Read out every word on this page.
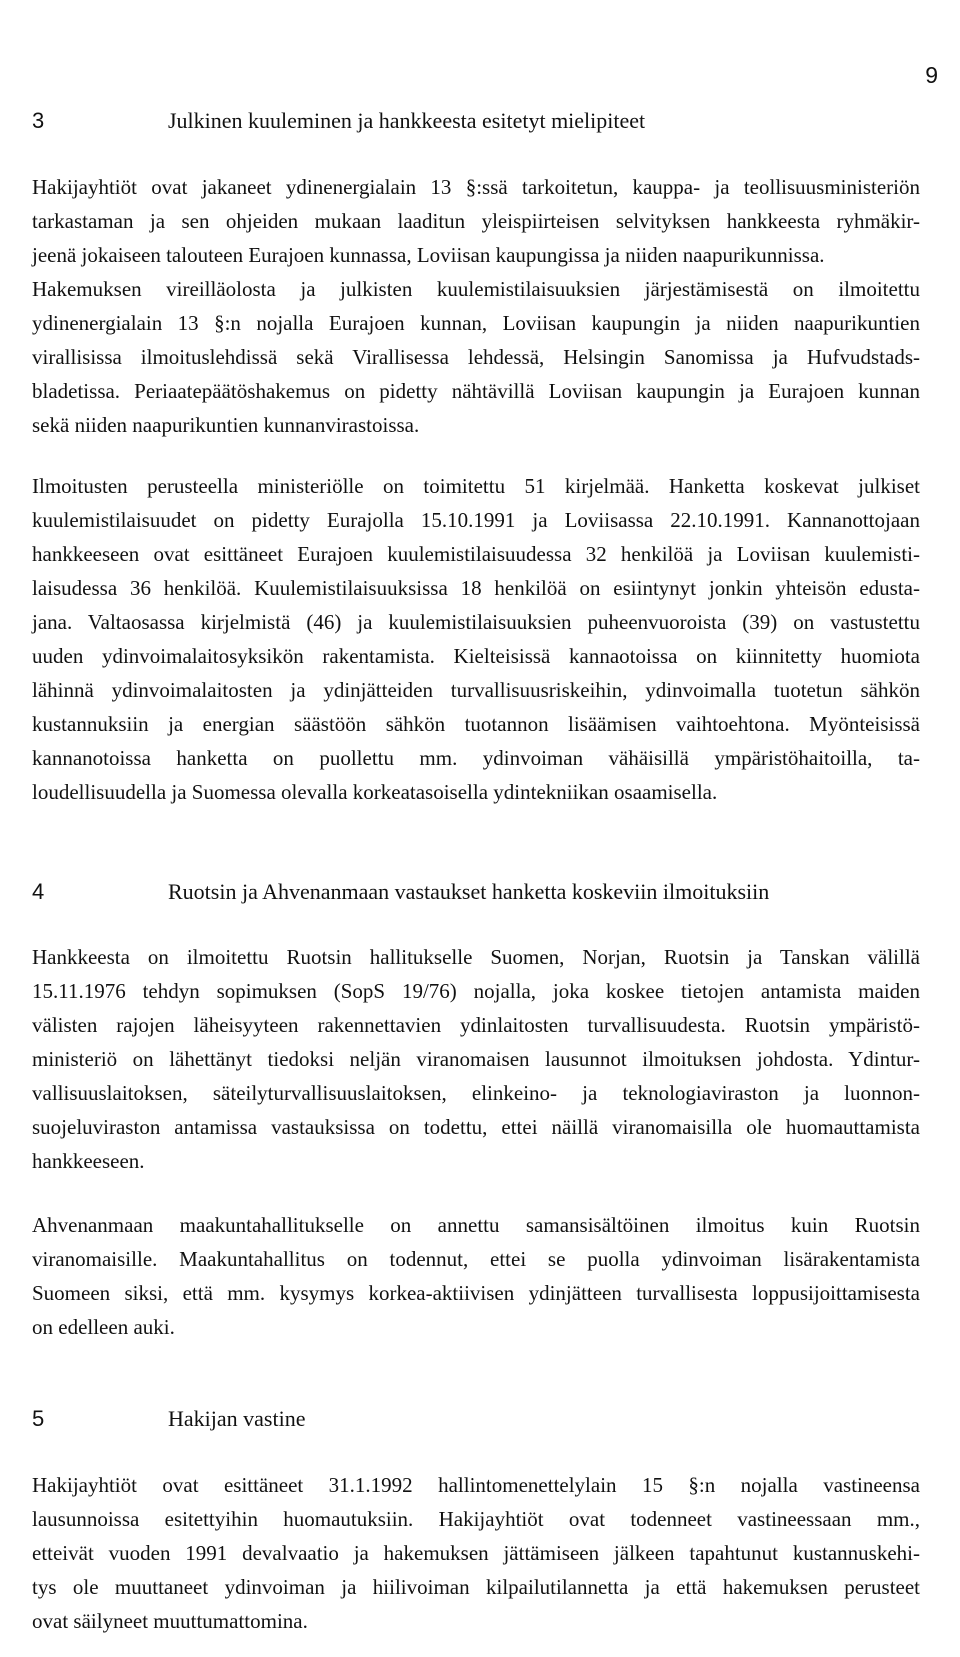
9
3	Julkinen kuuleminen ja hankkeesta esitetyt mielipiteet
Hakijayhtiöt ovat jakaneet ydinenergialain 13 §:ssä tarkoitetun, kauppa- ja teollisuusministeriön
tarkastaman ja sen ohjeiden mukaan laaditun yleispiirteisen selvityksen hankkeesta ryhmäkir-
jeenä jokaiseen talouteen Eurajoen kunnassa, Loviisan kaupungissa ja niiden naapurikunnissa.
Hakemuksen vireilläolosta ja julkisten kuulemistilaisuuksien järjestämisestä on ilmoitettu
ydinenergialain 13 §:n nojalla Eurajoen kunnan, Loviisan kaupungin ja niiden naapurikuntien
virallisissa ilmoituslehdissä sekä Virallisessa lehdessä, Helsingin Sanomissa ja Hufvudstads-
bladetissa. Periaatepäätöshakemus on pidetty nähtävillä Loviisan kaupungin ja Eurajoen kunnan
sekä niiden naapurikuntien kunnanvirastoissa.
Ilmoitusten perusteella ministeriölle on toimitettu 51 kirjelmää. Hanketta koskevat julkiset
kuulemistilaisuudet on pidetty Eurajolla 15.10.1991 ja Loviisassa 22.10.1991. Kannanottojaan
hankkeeseen ovat esittäneet Eurajoen kuulemistilaisuudessa 32 henkilöä ja Loviisan kuulemisti-
laisudessa 36 henkilöä. Kuulemistilaisuuksissa 18 henkilöä on esiintynyt jonkin yhteisön edusta-
jana. Valtaosassa kirjelmistä (46) ja kuulemistilaisuuksien puheenvuoroista (39) on vastustettu
uuden ydinvoimalaitosyksikön rakentamista. Kielteisissä kannaotoissa on kiinnitetty huomiota
lähinnä ydinvoimalaitosten ja ydinjätteiden turvallisuusriskeihin, ydinvoimalla tuotetun sähkön
kustannuksiin ja energian säästöön sähkön tuotannon lisäämisen vaihtoehtona. Myönteisissä
kannanotoissa hanketta on puollettu mm. ydinvoiman vähäisillä ympäristöhaitoilla, ta-
loudellisuudella ja Suomessa olevalla korkeatasoisella ydintekniikan osaamisella.
4	Ruotsin ja Ahvenanmaan vastaukset hanketta koskeviin ilmoituksiin
Hankkeesta on ilmoitettu Ruotsin hallitukselle Suomen, Norjan, Ruotsin ja Tanskan välillä
15.11.1976 tehdyn sopimuksen (SopS 19/76) nojalla, joka koskee tietojen antamista maiden
välisten rajojen läheisyyteen rakennettavien ydinlaitosten turvallisuudesta. Ruotsin ympäristö-
ministeriö on lähettänyt tiedoksi neljän viranomaisen lausunnot ilmoituksen johdosta. Ydintur-
vallisuuslaitoksen, säteilyturvallisuuslaitoksen, elinkeino- ja teknologiaviraston ja luonnon-
suojeluviraston antamissa vastauksissa on todettu, ettei näillä viranomaisilla ole huomauttamista
hankkeeseen.
Ahvenanmaan maakuntahallitukselle on annettu samansisältöinen ilmoitus kuin Ruotsin
viranomaisille. Maakuntahallitus on todennut, ettei se puolla ydinvoiman lisärakentamista
Suomeen siksi, että mm. kysymys korkea-aktiivisen ydinjätteen turvallisesta loppusijoittamisesta
on edelleen auki.
5	Hakijan vastine
Hakijayhtiöt ovat esittäneet 31.1.1992 hallintomenettelylain 15 §:n nojalla vastineensa
lausunnoissa esitettyihin huomautuksiin. Hakijayhtiöt ovat todenneet vastineessaan mm.,
etteivät vuoden 1991 devalvaatio ja hakemuksen jättämiseen jälkeen tapahtunut kustannuskehi-
tys ole muuttaneet ydinvoiman ja hiilivoiman kilpailutilannetta ja että hakemuksen perusteet
ovat säilyneet muuttumattomina.
